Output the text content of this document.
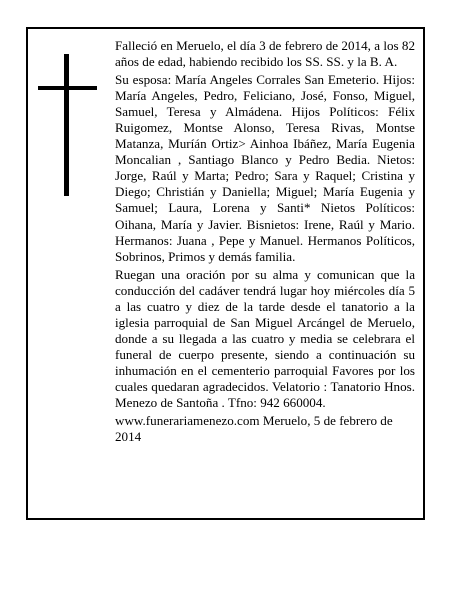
Falleció en Meruelo, el día 3 de febrero de 2014, a los 82 años de edad, habiendo recibido los SS. SS. y la B. A.

Su esposa: María Angeles Corrales San Emeterio. Hijos: María Angeles, Pedro, Feliciano, José, Fonso, Miguel, Samuel, Teresa y Almádena. Hijos Políticos: Félix Ruigomez, Montse Alonso, Teresa Rivas, Montse Matanza, Muríán Ortiz> Ainhoa Ibáñez, María Eugenia Moncalian , Santiago Blanco y Pedro Bedia. Nietos: Jorge, Raúl y Marta; Pedro; Sara y Raquel; Cristina y Diego; Christián y Daniella; Miguel; María Eugenia y Samuel; Laura, Lorena y Santi* Nietos Políticos: Oihana, María y Javier. Bisnietos: Irene, Raúl y Mario. Hermanos: Juana , Pepe y Manuel. Hermanos Políticos, Sobrinos, Primos y demás familia.

Ruegan una oración por su alma y comunican que la conducción del cadáver tendrá lugar hoy miércoles día 5 a las cuatro y diez de la tarde desde el tanatorio a la iglesia parroquial de San Miguel Arcángel de Meruelo, donde a su llegada a las cuatro y media se celebrara el funeral de cuerpo presente, siendo a continuación su inhumación en el cementerio parroquial Favores por los cuales quedaran agradecidos. Velatorio : Tanatorio Hnos. Menezo de Santoña . Tfno: 942 660004.

www.funerariamenezo.com Meruelo, 5 de febrero de 2014
